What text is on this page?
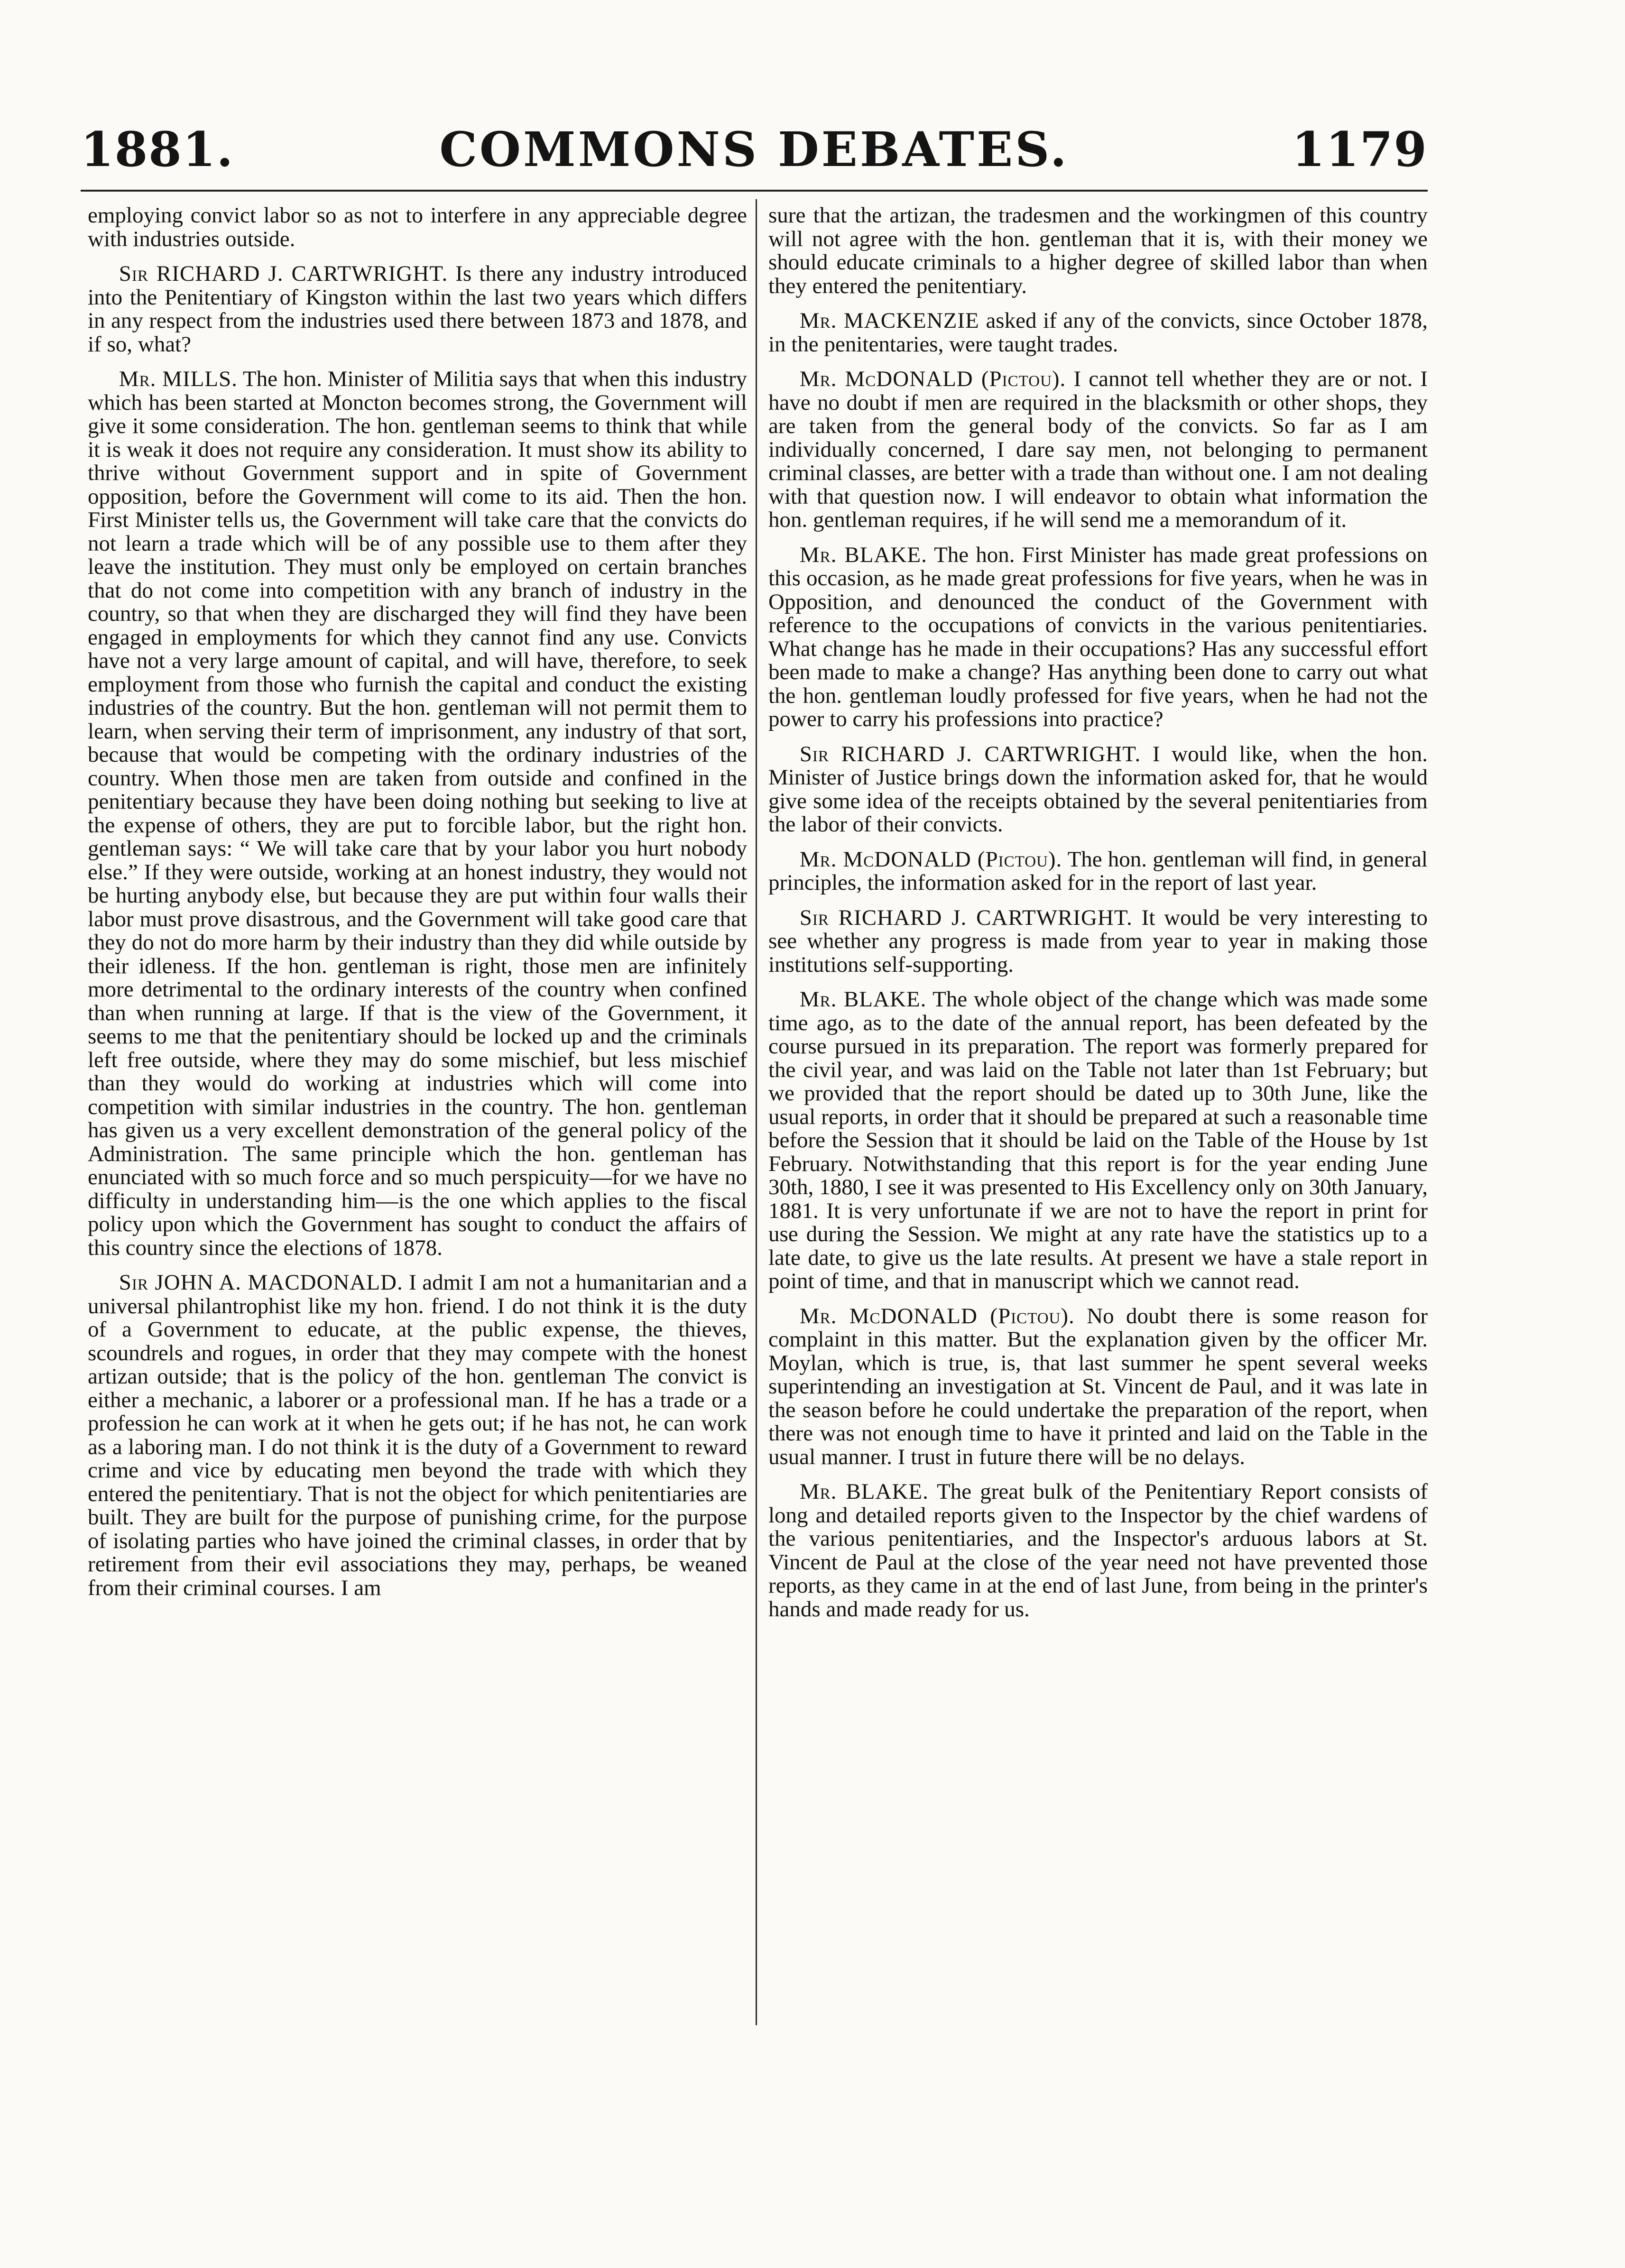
1881.	COMMONS DEBATES.	1179

employing convict labor so as not to interfere in any appreciable degree with industries outside.

Sir RICHARD J. CARTWRIGHT. Is there any industry introduced into the Penitentiary of Kingston within the last two years which differs in any respect from the industries used there between 1873 and 1878, and if so, what?

Mr. MILLS. The hon. Minister of Militia says that when this industry which has been started at Moncton becomes strong, the Government will give it some consideration. The hon. gentleman seems to think that while it is weak it does not require any consideration. It must show its ability to thrive without Government support and in spite of Government opposition, before the Government will come to its aid. Then the hon. First Minister tells us, the Government will take care that the convicts do not learn a trade which will be of any possible use to them after they leave the institution. They must only be employed on certain branches that do not come into competition with any branch of industry in the country, so that when they are discharged they will find they have been engaged in employments for which they cannot find any use. Convicts have not a very large amount of capital, and will have, therefore, to seek employment from those who furnish the capital and conduct the existing industries of the country. But the hon. gentleman will not permit them to learn, when serving their term of imprisonment, any industry of that sort, because that would be competing with the ordinary industries of the country. When those men are taken from outside and confined in the penitentiary because they have been doing nothing but seeking to live at the expense of others, they are put to forcible labor, but the right hon. gentleman says: “ We will take care that by your labor you hurt nobody else.” If they were outside, working at an honest industry, they would not be hurting anybody else, but because they are put within four walls their labor must prove disastrous, and the Government will take good care that they do not do more harm by their industry than they did while outside by their idleness. If the hon. gentleman is right, those men are infinitely more detrimental to the ordinary interests of the country when confined than when running at large. If that is the view of the Government, it seems to me that the penitentiary should be locked up and the criminals left free outside, where they may do some mischief, but less mischief than they would do working at industries which will come into competition with similar industries in the country. The hon. gentleman has given us a very excellent demonstration of the general policy of the Administration. The same principle which the hon. gentleman has enunciated with so much force and so much perspicuity—for we have no difficulty in understanding him—is the one which applies to the fiscal policy upon which the Government has sought to conduct the affairs of this country since the elections of 1878.

Sir JOHN A. MACDONALD. I admit I am not a humanitarian and a universal philantrophist like my hon. friend. I do not think it is the duty of a Government to educate, at the public expense, the thieves, scoundrels and rogues, in order that they may compete with the honest artizan outside; that is the policy of the hon. gentleman The convict is either a mechanic, a laborer or a professional man. If he has a trade or a profession he can work at it when he gets out; if he has not, he can work as a laboring man. I do not think it is the duty of a Government to reward crime and vice by educating men beyond the trade with which they entered the penitentiary. That is not the object for which penitentiaries are built. They are built for the purpose of punishing crime, for the purpose of isolating parties who have joined the criminal classes, in order that by retirement from their evil associations they may, perhaps, be weaned from their criminal courses. I am

sure that the artizan, the tradesmen and the workingmen of this country will not agree with the hon. gentleman that it is, with their money we should educate criminals to a higher degree of skilled labor than when they entered the penitentiary.

Mr. MACKENZIE asked if any of the convicts, since October 1878, in the penitentaries, were taught trades.

Mr. McDONALD (Pictou). I cannot tell whether they are or not. I have no doubt if men are required in the blacksmith or other shops, they are taken from the general body of the convicts. So far as I am individually concerned, I dare say men, not belonging to permanent criminal classes, are better with a trade than without one. I am not dealing with that question now. I will endeavor to obtain what information the hon. gentleman requires, if he will send me a memorandum of it.

Mr. BLAKE. The hon. First Minister has made great professions on this occasion, as he made great professions for five years, when he was in Opposition, and denounced the conduct of the Government with reference to the occupations of convicts in the various penitentiaries. What change has he made in their occupations? Has any successful effort been made to make a change? Has anything been done to carry out what the hon. gentleman loudly professed for five years, when he had not the power to carry his professions into practice?

Sir RICHARD J. CARTWRIGHT. I would like, when the hon. Minister of Justice brings down the information asked for, that he would give some idea of the receipts obtained by the several penitentiaries from the labor of their convicts.

Mr. McDONALD (Pictou). The hon. gentleman will find, in general principles, the information asked for in the report of last year.

Sir RICHARD J. CARTWRIGHT. It would be very interesting to see whether any progress is made from year to year in making those institutions self-supporting.

Mr. BLAKE. The whole object of the change which was made some time ago, as to the date of the annual report, has been defeated by the course pursued in its preparation. The report was formerly prepared for the civil year, and was laid on the Table not later than 1st February; but we provided that the report should be dated up to 30th June, like the usual reports, in order that it should be prepared at such a reasonable time before the Session that it should be laid on the Table of the House by 1st February. Notwithstanding that this report is for the year ending June 30th, 1880, I see it was presented to His Excellency only on 30th January, 1881. It is very unfortunate if we are not to have the report in print for use during the Session. We might at any rate have the statistics up to a late date, to give us the late results. At present we have a stale report in point of time, and that in manuscript which we cannot read.

Mr. McDONALD (Pictou). No doubt there is some reason for complaint in this matter. But the explanation given by the officer Mr. Moylan, which is true, is, that last summer he spent several weeks superintending an investigation at St. Vincent de Paul, and it was late in the season before he could undertake the preparation of the report, when there was not enough time to have it printed and laid on the Table in the usual manner. I trust in future there will be no delays.

Mr. BLAKE. The great bulk of the Penitentiary Report consists of long and detailed reports given to the Inspector by the chief wardens of the various penitentiaries, and the Inspector's arduous labors at St. Vincent de Paul at the close of the year need not have prevented those reports, as they came in at the end of last June, from being in the printer's hands and made ready for us.
